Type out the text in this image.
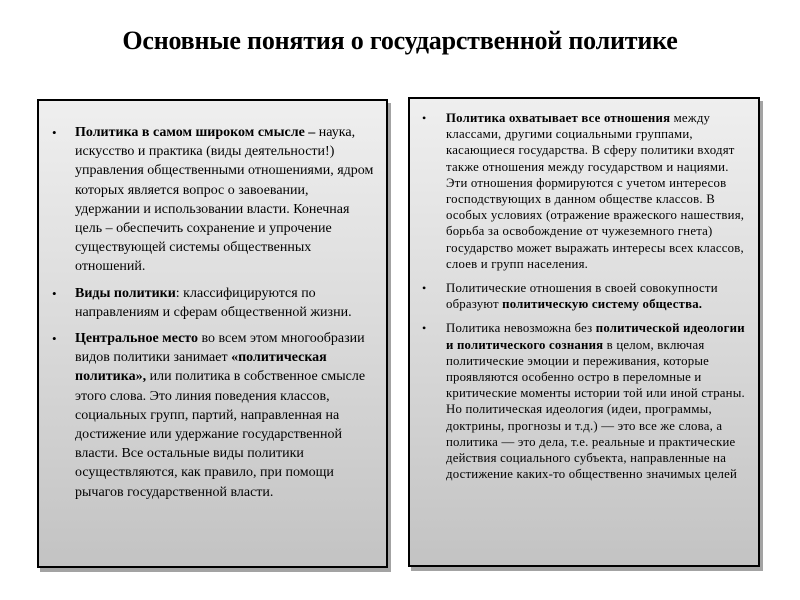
Основные понятия о государственной политике
•	Политика в самом широком смысле – наука, искусство и практика (виды деятельности!) управления общественными отношениями, ядром которых является вопрос о завоевании, удержании и использовании власти. Конечная цель – обеспечить сохранение и упрочение существующей системы общественных отношений.
•	Виды политики: классифицируются по направлениям и сферам общественной жизни.
•	Центральное место во всем этом многообразии видов политики занимает «политическая политика», или политика в собственное смысле этого слова. Это линия поведения классов, социальных групп, партий, направленная на достижение или удержание государственной власти. Все остальные виды политики осуществляются, как правило, при помощи рычагов государственной власти.
•	Политика охватывает все отношения между классами, другими социальными группами, касающиеся государства. В сферу политики входят также отношения между государством и нациями. Эти отношения формируются с учетом интересов господствующих в данном обществе классов. В особых условиях (отражение вражеского нашествия, борьба за освобождение от чужеземного гнета) государство может выражать интересы всех классов, слоев и групп населения.
•	Политические отношения в своей совокупности образуют политическую систему общества.
•	Политика невозможна без политической идеологии и политического сознания в целом, включая политические эмоции и переживания, которые проявляются особенно остро в переломные и критические моменты истории той или иной страны. Но политическая идеология (идеи, программы, доктрины, прогнозы и т.д.) — это все же слова, а политика — это дела, т.е. реальные и практические действия социального субъекта, направленные на достижение каких-то общественно значимых целей
